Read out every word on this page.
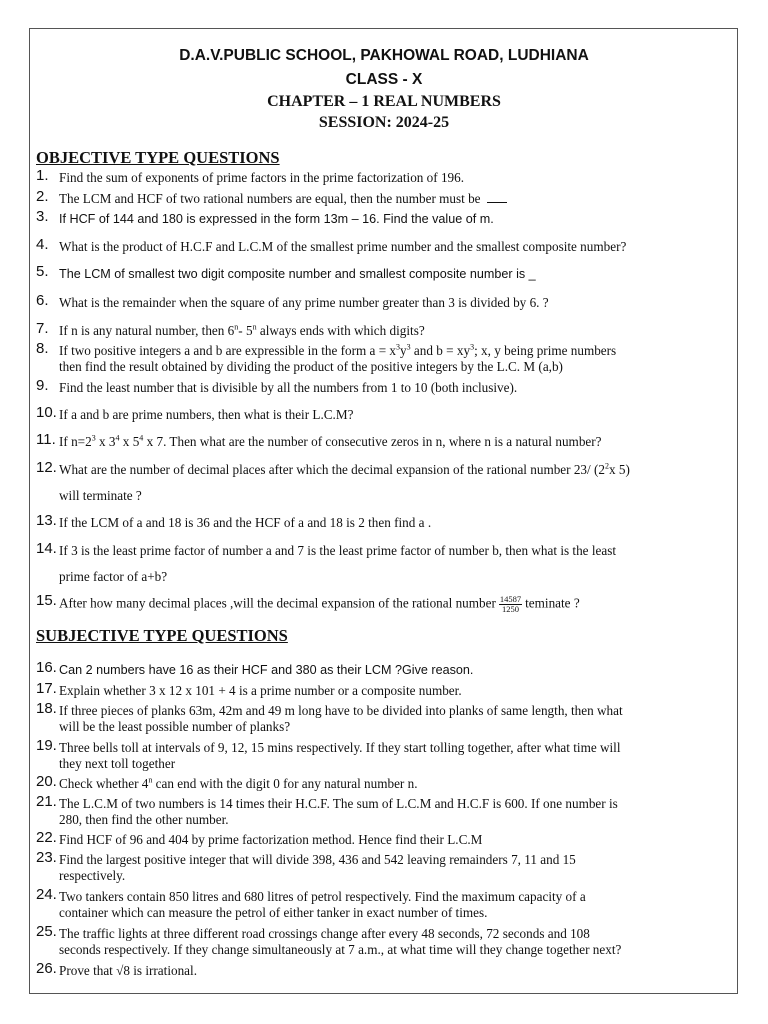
D.A.V.PUBLIC SCHOOL, PAKHOWAL ROAD, LUDHIANA
CLASS - X
CHAPTER – 1 REAL NUMBERS
SESSION: 2024-25
OBJECTIVE TYPE QUESTIONS
1. Find the sum of exponents of prime factors in the prime factorization of 196.
2. The LCM and HCF of two rational numbers are equal, then the number must be
3. If HCF of 144 and 180 is expressed in the form 13m – 16. Find the value of m.
4. What is the product of H.C.F and L.C.M of the smallest prime number and the smallest composite number?
5. The LCM of smallest two digit composite number and smallest composite number is _
6. What is the remainder when the square of any prime number greater than 3 is divided by 6. ?
7. If n is any natural number, then 6$^n$- 5$^n$ always ends with which digits?
8. If two positive integers a and b are expressible in the form $a = x^3y^3$ and $b = xy^3$; x, y being prime numbers
then find the result obtained by dividing the product of the positive integers by the L.C. M (a,b)
9. Find the least number that is divisible by all the numbers from 1 to 10 (both inclusive).
10. If a and b are prime numbers, then what is their L.C.M?
11. If $n=2^3$ x $3^4$ x $5^4$ x 7. Then what are the number of consecutive zeros in n, where n is a natural number?
12. What are the number of decimal places after which the decimal expansion of the rational number 23/ ($2^2x$ 5)
will terminate ?
13. If the LCM of a and 18 is 36 and the HCF of a and 18 is 2 then find a .
14. If 3 is the least prime factor of number a and 7 is the least prime factor of number b, then what is the least
prime factor of a+b?
15. After how many decimal places ,will the decimal expansion of the rational number $\frac{14587}{1250}$ teminate ?
SUBJECTIVE TYPE QUESTIONS
16. Can 2 numbers have 16 as their HCF and 380 as their LCM ?Give reason.
17. Explain whether 3 x 12 x 101 + 4 is a prime number or a composite number.
18. If three pieces of planks 63m, 42m and 49 m long have to be divided into planks of same length, then what
will be the least possible number of planks?
19. Three bells toll at intervals of 9, 12, 15 mins respectively. If they start tolling together, after what time will
they next toll together
20. Check whether 4$^n$ can end with the digit 0 for any natural number n.
21. The L.C.M of two numbers is 14 times their H.C.F. The sum of L.C.M and H.C.F is 600. If one number is
280, then find the other number.
22. Find HCF of 96 and 404 by prime factorization method. Hence find their L.C.M
23. Find the largest positive integer that will divide 398, 436 and 542 leaving remainders 7, 11 and 15
respectively.
24. Two tankers contain 850 litres and 680 litres of petrol respectively. Find the maximum capacity of a
container which can measure the petrol of either tanker in exact number of times.
25. The traffic lights at three different road crossings change after every 48 seconds, 72 seconds and 108
seconds respectively. If they change simultaneously at 7 a.m., at what time will they change together next?
26. Prove that √8 is irrational.
